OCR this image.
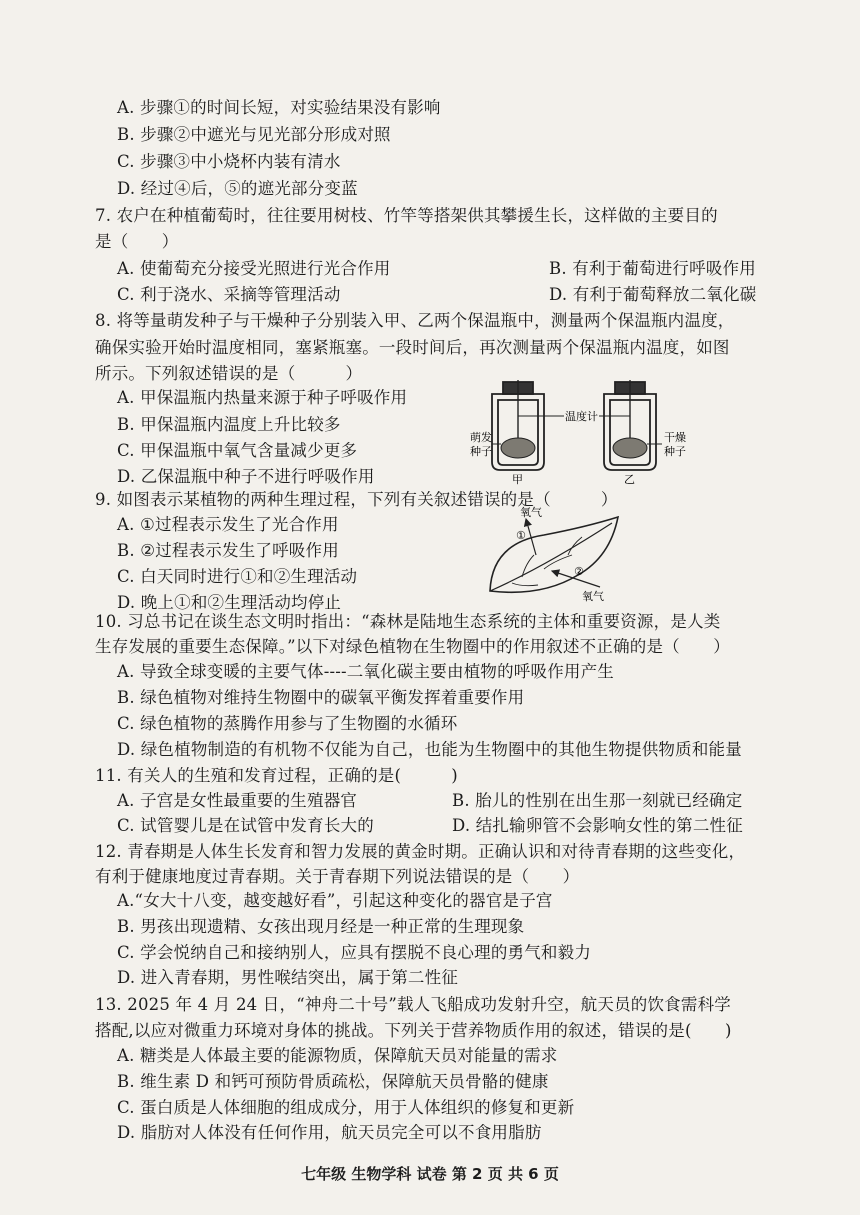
A. 步骤①的时间长短，对实验结果没有影响
B. 步骤②中遮光与见光部分形成对照
C. 步骤③中小烧杯内装有清水
D. 经过④后，⑤的遮光部分变蓝
7. 农户在种植葡萄时，往往要用树枝、竹竿等搭架供其攀援生长，这样做的主要目的
是（　　）
A. 使葡萄充分接受光照进行光合作用	B. 有利于葡萄进行呼吸作用
C. 利于浇水、采摘等管理活动	D. 有利于葡萄释放二氧化碳
8. 将等量萌发种子与干燥种子分别装入甲、乙两个保温瓶中，测量两个保温瓶内温度，
确保实验开始时温度相同，塞紧瓶塞。一段时间后，再次测量两个保温瓶内温度，如图
所示。下列叙述错误的是（　　　）
A. 甲保温瓶内热量来源于种子呼吸作用
B. 甲保温瓶内温度上升比较多
C. 甲保温瓶中氧气含量减少更多
D. 乙保温瓶中种子不进行呼吸作用
温度计
萌发
种子
干燥
种子
甲	乙
9. 如图表示某植物的两种生理过程，下列有关叙述错误的是（　　　）
A. ①过程表示发生了光合作用
B. ②过程表示发生了呼吸作用
C. 白天同时进行①和②生理活动
D. 晚上①和②生理活动均停止
氧气
①
②
氧气
10. 习总书记在谈生态文明时指出：“森林是陆地生态系统的主体和重要资源，是人类
生存发展的重要生态保障。”以下对绿色植物在生物圈中的作用叙述不正确的是（　　）
A. 导致全球变暖的主要气体----二氧化碳主要由植物的呼吸作用产生
B. 绿色植物对维持生物圈中的碳氧平衡发挥着重要作用
C. 绿色植物的蒸腾作用参与了生物圈的水循环
D. 绿色植物制造的有机物不仅能为自己，也能为生物圈中的其他生物提供物质和能量
11. 有关人的生殖和发育过程，正确的是(　　　)
A. 子宫是女性最重要的生殖器官	B. 胎儿的性别在出生那一刻就已经确定
C. 试管婴儿是在试管中发育长大的	D. 结扎输卵管不会影响女性的第二性征
12. 青春期是人体生长发育和智力发展的黄金时期。正确认识和对待青春期的这些变化，
有利于健康地度过青春期。关于青春期下列说法错误的是（　　）
A.“女大十八变，越变越好看”，引起这种变化的器官是子宫
B. 男孩出现遗精、女孩出现月经是一种正常的生理现象
C. 学会悦纳自己和接纳别人，应具有摆脱不良心理的勇气和毅力
D. 进入青春期，男性喉结突出，属于第二性征
13. 2025 年 4 月 24 日，“神舟二十号”载人飞船成功发射升空，航天员的饮食需科学
搭配,以应对微重力环境对身体的挑战。下列关于营养物质作用的叙述，错误的是(　　)
A. 糖类是人体最主要的能源物质，保障航天员对能量的需求
B. 维生素 D 和钙可预防骨质疏松，保障航天员骨骼的健康
C. 蛋白质是人体细胞的组成成分，用于人体组织的修复和更新
D. 脂肪对人体没有任何作用，航天员完全可以不食用脂肪
七年级 生物学科 试卷 第 2 页 共 6 页
